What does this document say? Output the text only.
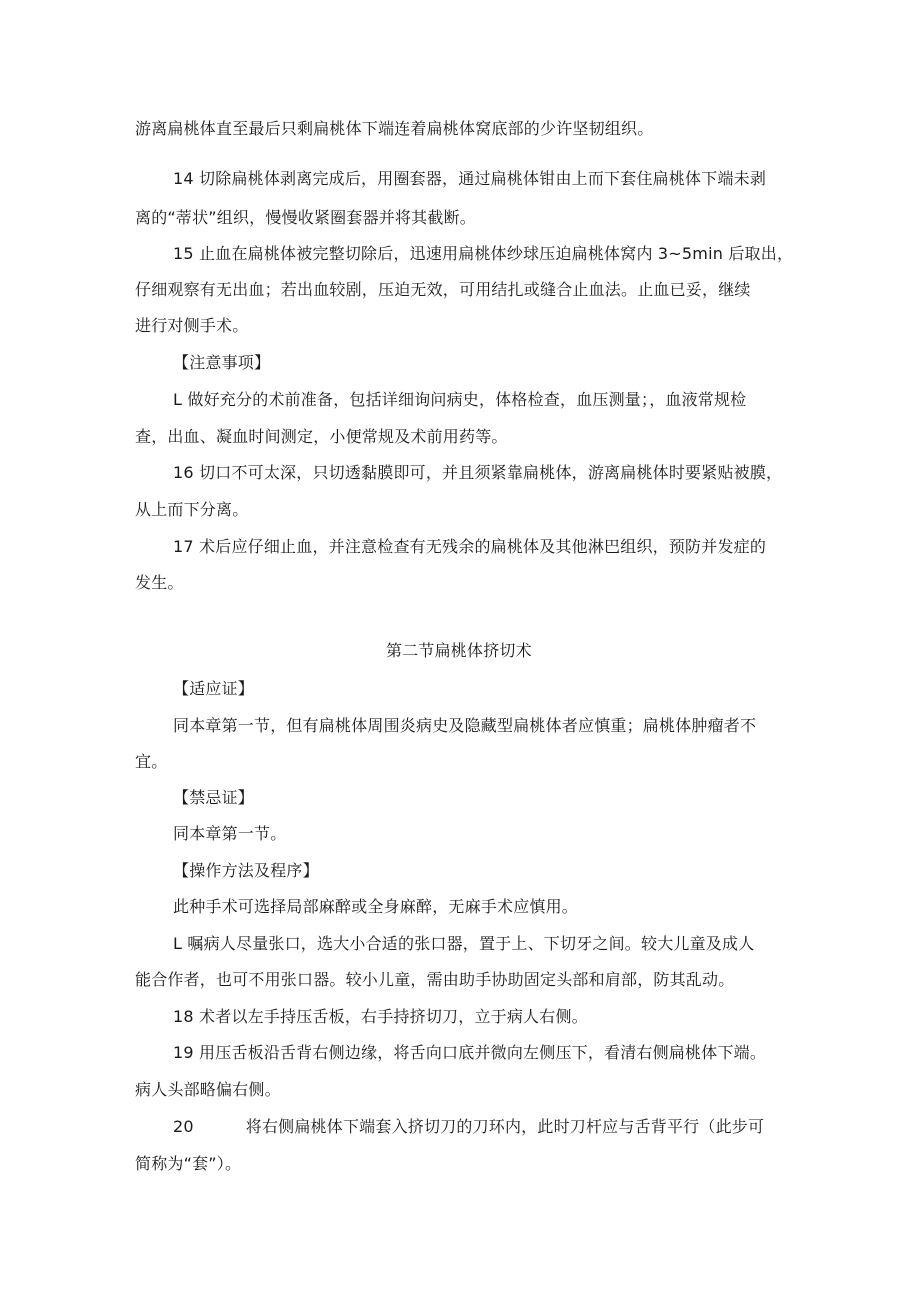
游离扁桃体直至最后只剩扁桃体下端连着扁桃体窝底部的少许坚韧组织。
14 切除扁桃体剥离完成后，用圈套器，通过扁桃体钳由上而下套住扁桃体下端未剥
离的“蒂状”组织，慢慢收紧圈套器并将其截断。
15 止血在扁桃体被完整切除后，迅速用扁桃体纱球压迫扁桃体窝内 3~5min 后取出，
仔细观察有无出血；若出血较剧，压迫无效，可用结扎或缝合止血法。止血已妥，继续
进行对侧手术。
【注意事项】
L 做好充分的术前准备，包括详细询问病史，体格检查，血压测量；，血液常规检
查，出血、凝血时间测定，小便常规及术前用药等。
16 切口不可太深，只切透黏膜即可，并且须紧靠扁桃体，游离扁桃体时要紧贴被膜，
从上而下分离。
17 术后应仔细止血，并注意检查有无残余的扁桃体及其他淋巴组织，预防并发症的
发生。
第二节扁桃体挤切术
【适应证】
同本章第一节，但有扁桃体周围炎病史及隐藏型扁桃体者应慎重；扁桃体肿瘤者不
宜。
【禁忌证】
同本章第一节。
【操作方法及程序】
此种手术可选择局部麻醉或全身麻醉，无麻手术应慎用。
L 嘱病人尽量张口，选大小合适的张口器，置于上、下切牙之间。较大儿童及成人
能合作者，也可不用张口器。较小儿童，需由助手协助固定头部和肩部，防其乱动。
18 术者以左手持压舌板，右手持挤切刀，立于病人右侧。
19 用压舌板沿舌背右侧边缘，将舌向口底并微向左侧压下，看清右侧扁桃体下端。
病人头部略偏右侧。
20	将右侧扁桃体下端套入挤切刀的刀环内，此时刀杆应与舌背平行（此步可
简称为“套”）。
